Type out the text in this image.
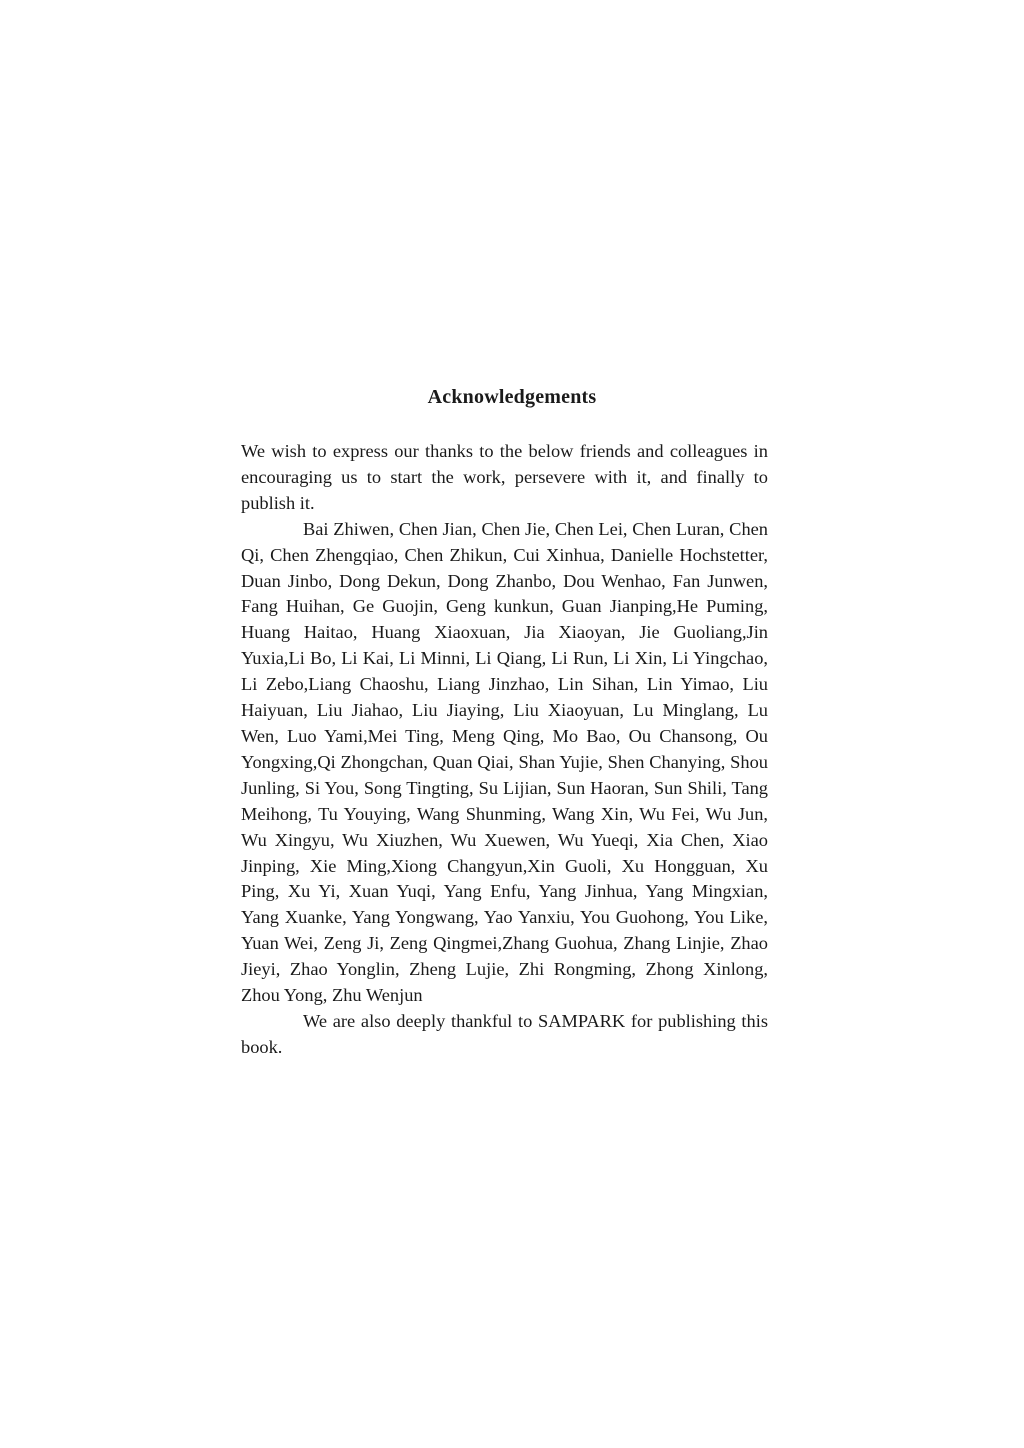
Acknowledgements

We wish to express our thanks to the below friends and colleagues in encouraging us to start the work, persevere with it, and finally to publish it.

Bai Zhiwen, Chen Jian, Chen Jie, Chen Lei, Chen Luran, Chen Qi, Chen Zhengqiao, Chen Zhikun, Cui Xinhua, Danielle Hochstetter, Duan Jinbo, Dong Dekun, Dong Zhanbo, Dou Wenhao, Fan Junwen, Fang Huihan, Ge Guojin, Geng kunkun, Guan Jianping,He Puming, Huang Haitao, Huang Xiaoxuan, Jia Xiaoyan, Jie Guoliang,Jin Yuxia,Li Bo, Li Kai, Li Minni, Li Qiang, Li Run, Li Xin, Li Yingchao, Li Zebo,Liang Chaoshu, Liang Jinzhao, Lin Sihan, Lin Yimao, Liu Haiyuan, Liu Jiahao, Liu Jiaying, Liu Xiaoyuan, Lu Minglang, Lu Wen, Luo Yami,Mei Ting, Meng Qing, Mo Bao, Ou Chansong, Ou Yongxing,Qi Zhongchan, Quan Qiai, Shan Yujie, Shen Chanying, Shou Junling, Si You, Song Tingting, Su Lijian, Sun Haoran, Sun Shili, Tang Meihong, Tu Youying, Wang Shunming, Wang Xin, Wu Fei, Wu Jun, Wu Xingyu, Wu Xiuzhen, Wu Xuewen, Wu Yueqi, Xia Chen, Xiao Jinping, Xie Ming,Xiong Changyun,Xin Guoli, Xu Hongguan, Xu Ping, Xu Yi, Xuan Yuqi, Yang Enfu, Yang Jinhua, Yang Mingxian, Yang Xuanke, Yang Yongwang, Yao Yanxiu, You Guohong, You Like, Yuan Wei, Zeng Ji, Zeng Qingmei,Zhang Guohua, Zhang Linjie, Zhao Jieyi, Zhao Yonglin, Zheng Lujie, Zhi Rongming, Zhong Xinlong, Zhou Yong, Zhu Wenjun

We are also deeply thankful to SAMPARK for publishing this book.
